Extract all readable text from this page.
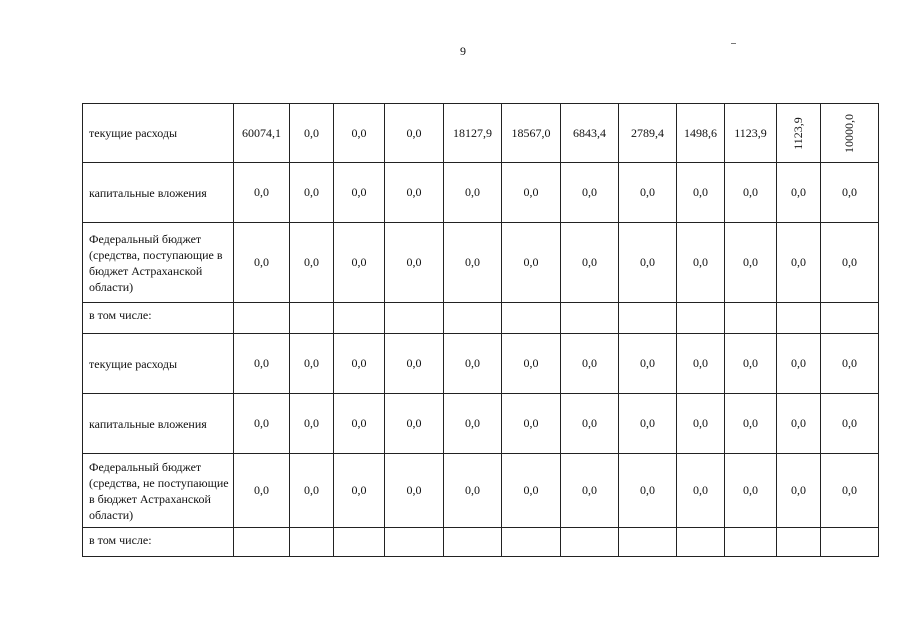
9
текущие расходы	60074,1	0,0	0,0	0,0	18127,9	18567,0	6843,4	2789,4	1498,6	1123,9	1123,9	10000,0
капитальные вложения	0,0	0,0	0,0	0,0	0,0	0,0	0,0	0,0	0,0	0,0	0,0	0,0
Федеральный бюджет (средства, поступающие в бюджет Астраханской области)	0,0	0,0	0,0	0,0	0,0	0,0	0,0	0,0	0,0	0,0	0,0	0,0
в том числе:												
текущие расходы	0,0	0,0	0,0	0,0	0,0	0,0	0,0	0,0	0,0	0,0	0,0	0,0
капитальные вложения	0,0	0,0	0,0	0,0	0,0	0,0	0,0	0,0	0,0	0,0	0,0	0,0
Федеральный бюджет (средства, не поступающие в бюджет Астраханской области)	0,0	0,0	0,0	0,0	0,0	0,0	0,0	0,0	0,0	0,0	0,0	0,0
в том числе:												
